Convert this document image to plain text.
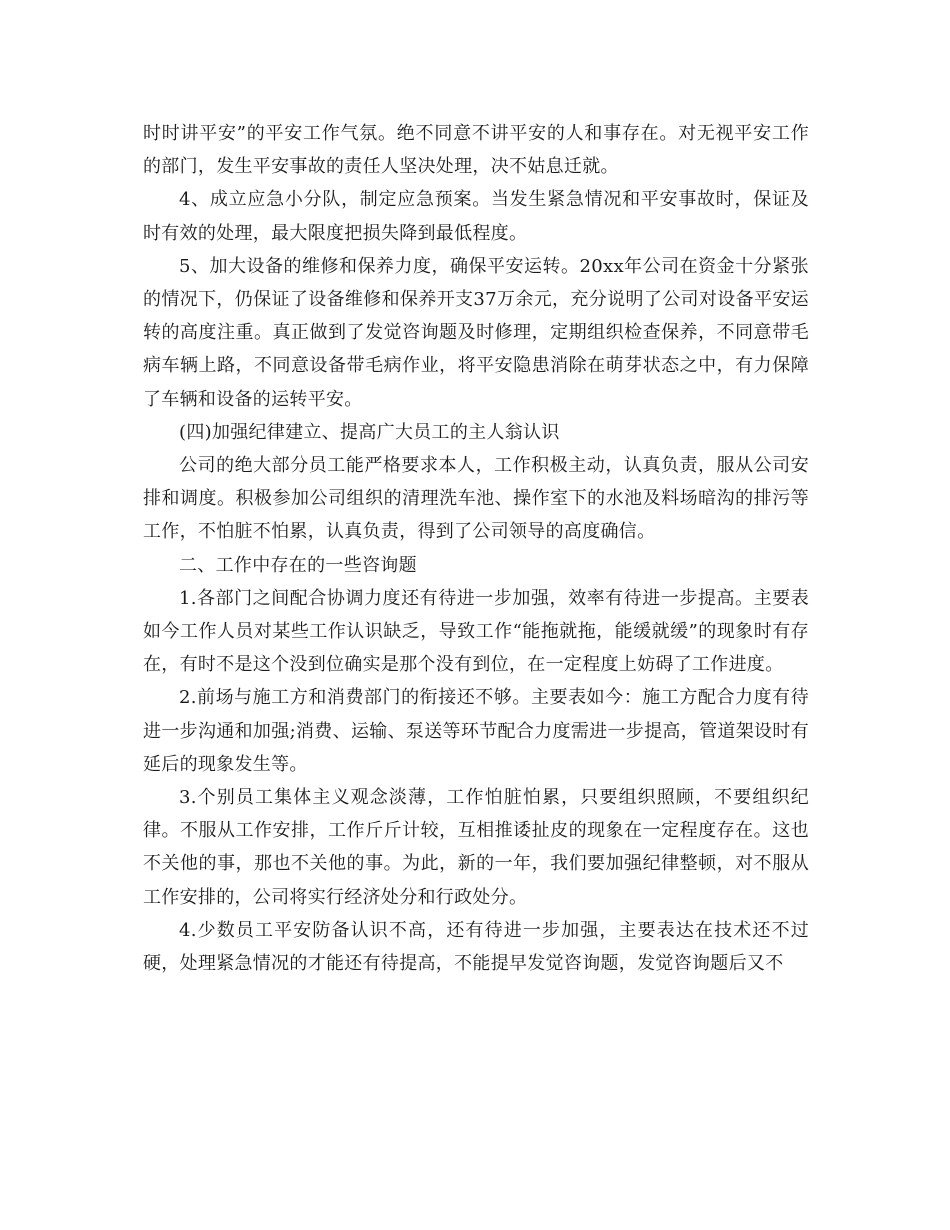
时时讲平安”的平安工作气氛。绝不同意不讲平安的人和事存在。对无视平安工作的部门，发生平安事故的责任人坚决处理，决不姑息迁就。

4、成立应急小分队，制定应急预案。当发生紧急情况和平安事故时，保证及时有效的处理，最大限度把损失降到最低程度。

5、加大设备的维修和保养力度，确保平安运转。20xx年公司在资金十分紧张的情况下，仍保证了设备维修和保养开支37万余元，充分说明了公司对设备平安运转的高度注重。真正做到了发觉咨询题及时修理，定期组织检查保养，不同意带毛病车辆上路，不同意设备带毛病作业，将平安隐患消除在萌芽状态之中，有力保障了车辆和设备的运转平安。

(四)加强纪律建立、提高广大员工的主人翁认识

公司的绝大部分员工能严格要求本人，工作积极主动，认真负责，服从公司安排和调度。积极参加公司组织的清理洗车池、操作室下的水池及料场暗沟的排污等工作，不怕脏不怕累，认真负责，得到了公司领导的高度确信。

二、工作中存在的一些咨询题

1.各部门之间配合协调力度还有待进一步加强，效率有待进一步提高。主要表如今工作人员对某些工作认识缺乏，导致工作“能拖就拖，能缓就缓”的现象时有存在，有时不是这个没到位确实是那个没有到位，在一定程度上妨碍了工作进度。

2.前场与施工方和消费部门的衔接还不够。主要表如今：施工方配合力度有待进一步沟通和加强;消费、运输、泵送等环节配合力度需进一步提高，管道架设时有延后的现象发生等。

3.个别员工集体主义观念淡薄，工作怕脏怕累，只要组织照顾，不要组织纪律。不服从工作安排，工作斤斤计较，互相推诿扯皮的现象在一定程度存在。这也不关他的事，那也不关他的事。为此，新的一年，我们要加强纪律整顿，对不服从工作安排的，公司将实行经济处分和行政处分。

4.少数员工平安防备认识不高，还有待进一步加强，主要表达在技术还不过硬，处理紧急情况的才能还有待提高，不能提早发觉咨询题，发觉咨询题后又不
